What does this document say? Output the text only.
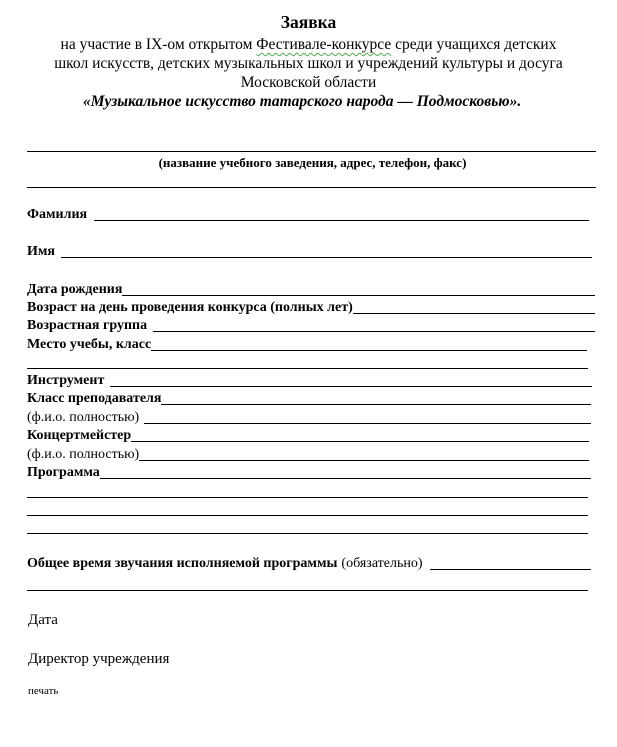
Заявка
на участие в IX-ом открытом Фестивале-конкурсе среди учащихся детских
школ искусств, детских музыкальных школ и учреждений культуры и досуга
Московской области
«Музыкальное искусство татарского народа — Подмосковью».
(название учебного заведения, адрес, телефон, факс)
Фамилия
Имя
Дата рождения
Возраст на день проведения конкурса (полных лет)
Возрастная группа
Место учебы, класс
Инструмент
Класс преподавателя
(ф.и.о. полностью)
Концертмейстер
(ф.и.о. полностью)
Программа
Общее время звучания исполняемой программы (обязательно)
Дата
Директор учреждения
печать
